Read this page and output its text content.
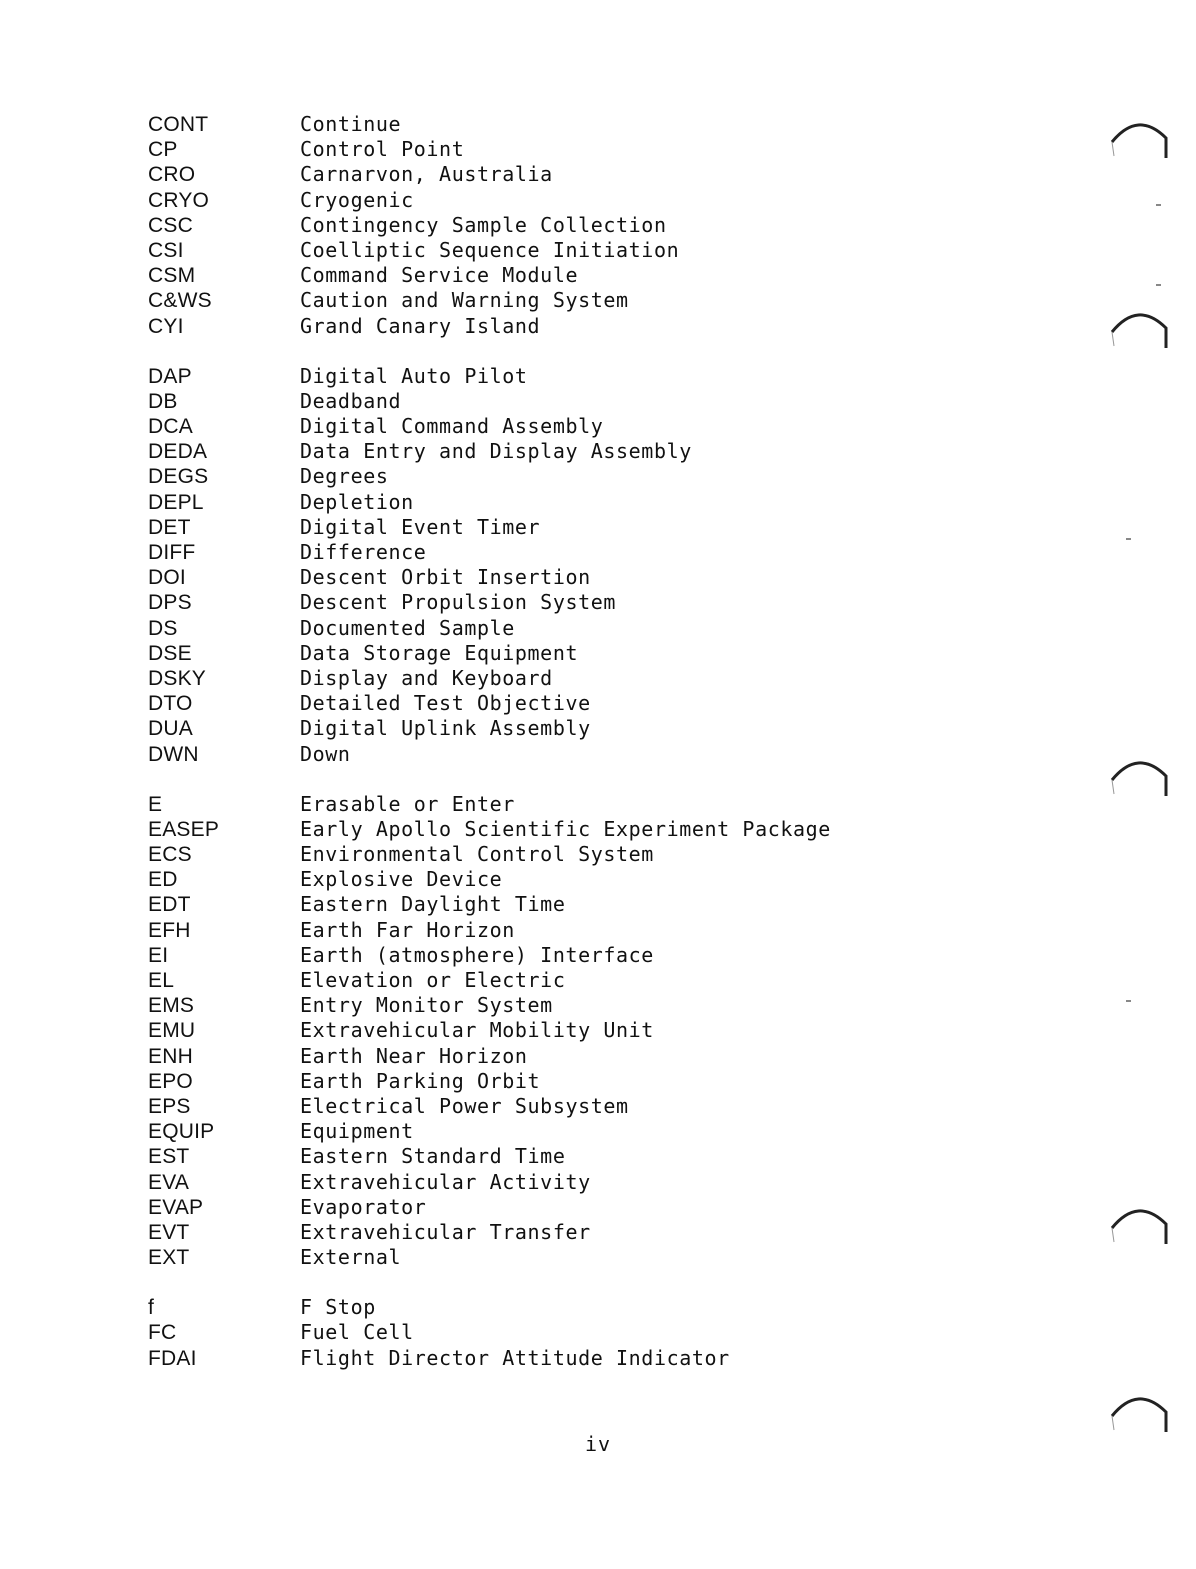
CONT	Continue
CP	Control Point
CRO	Carnarvon, Australia
CRYO	Cryogenic
CSC	Contingency Sample Collection
CSI	Coelliptic Sequence Initiation
CSM	Command Service Module
C&WS	Caution and Warning System
CYI	Grand Canary Island
DAP	Digital Auto Pilot
DB	Deadband
DCA	Digital Command Assembly
DEDA	Data Entry and Display Assembly
DEGS	Degrees
DEPL	Depletion
DET	Digital Event Timer
DIFF	Difference
DOI	Descent Orbit Insertion
DPS	Descent Propulsion System
DS	Documented Sample
DSE	Data Storage Equipment
DSKY	Display and Keyboard
DTO	Detailed Test Objective
DUA	Digital Uplink Assembly
DWN	Down
E	Erasable or Enter
EASEP	Early Apollo Scientific Experiment Package
ECS	Environmental Control System
ED	Explosive Device
EDT	Eastern Daylight Time
EFH	Earth Far Horizon
EI	Earth (atmosphere) Interface
EL	Elevation or Electric
EMS	Entry Monitor System
EMU	Extravehicular Mobility Unit
ENH	Earth Near Horizon
EPO	Earth Parking Orbit
EPS	Electrical Power Subsystem
EQUIP	Equipment
EST	Eastern Standard Time
EVA	Extravehicular Activity
EVAP	Evaporator
EVT	Extravehicular Transfer
EXT	External
f	F Stop
FC	Fuel Cell
FDAI	Flight Director Attitude Indicator
iv
